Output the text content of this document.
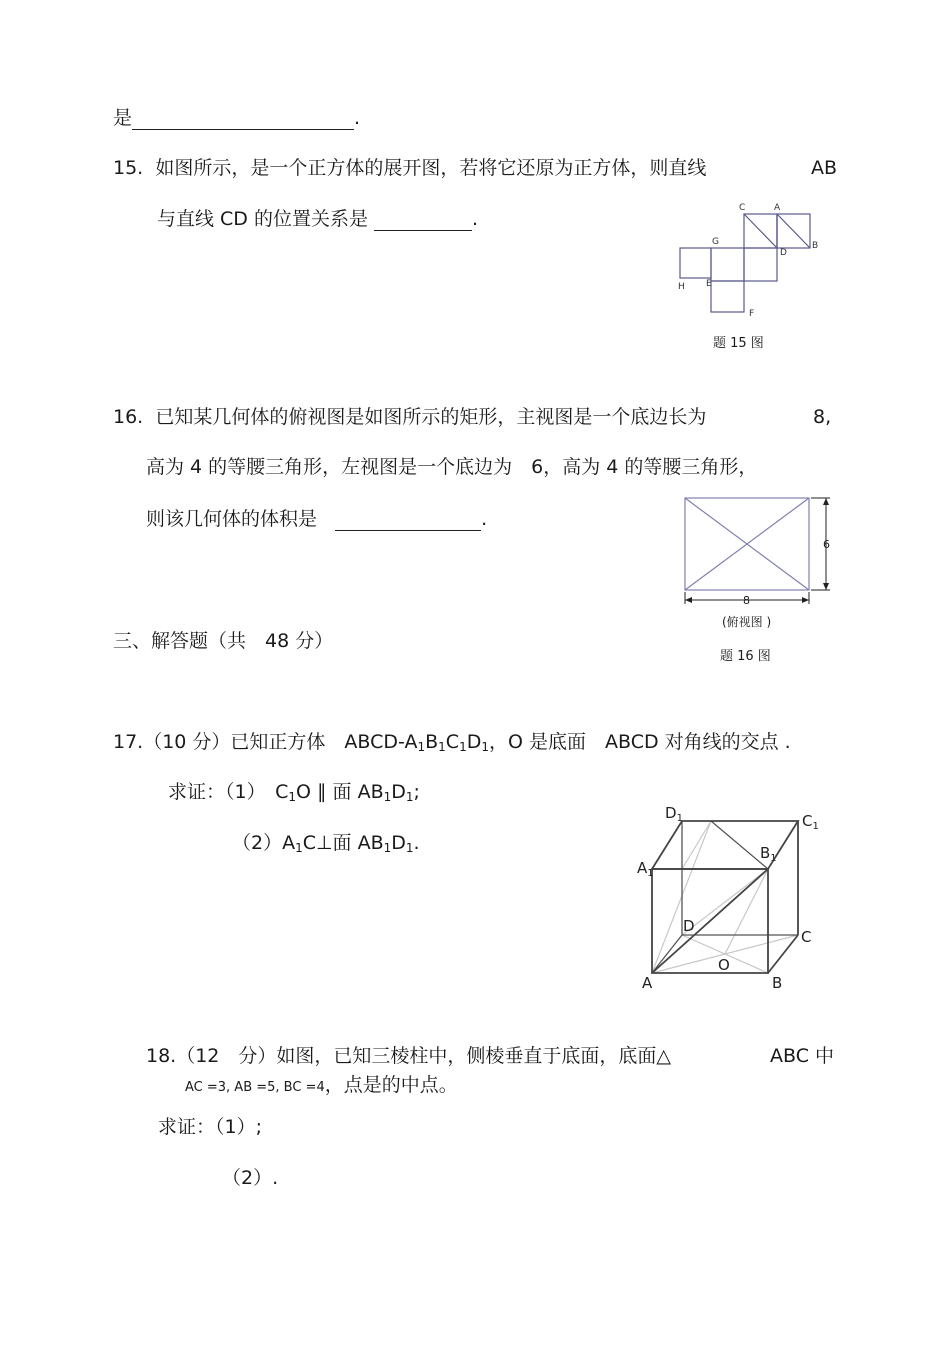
是	.
15. 如图所示，是一个正方体的展开图，若将它还原为正方体，则直线	AB
与直线 CD 的位置关系是	.	C	A
G
D
B
H E
F
题 15 图
16. 已知某几何体的俯视图是如图所示的矩形，主视图是一个底边长为	8,
高为 4 的等腰三角形，左视图是一个底边为　6，高为 4 的等腰三角形，
则该几何体的体积是	.
6
8
(俯视图 )
题 16 图
三、解答题（共　48 分）
17.（10 分）已知正方体　ABCD-$A_1B_1C_1D_1$，O 是底面　ABCD 对角线的交点 .
求证：（1）　$C_1O$ ∥ 面 $AB_1D_1$;
$(2)A_1C\perp$面 $AB_1D_1$.
$D_1$	$C_1$
$B_1$
$A_1$
D
C
O
A	B
18.（12　分）如图，已知三棱柱中，侧棱垂直于底面，底面△	ABC 中
AC =3, AB =5, BC =4，点是的中点。
求证：（1）;
（2）.
